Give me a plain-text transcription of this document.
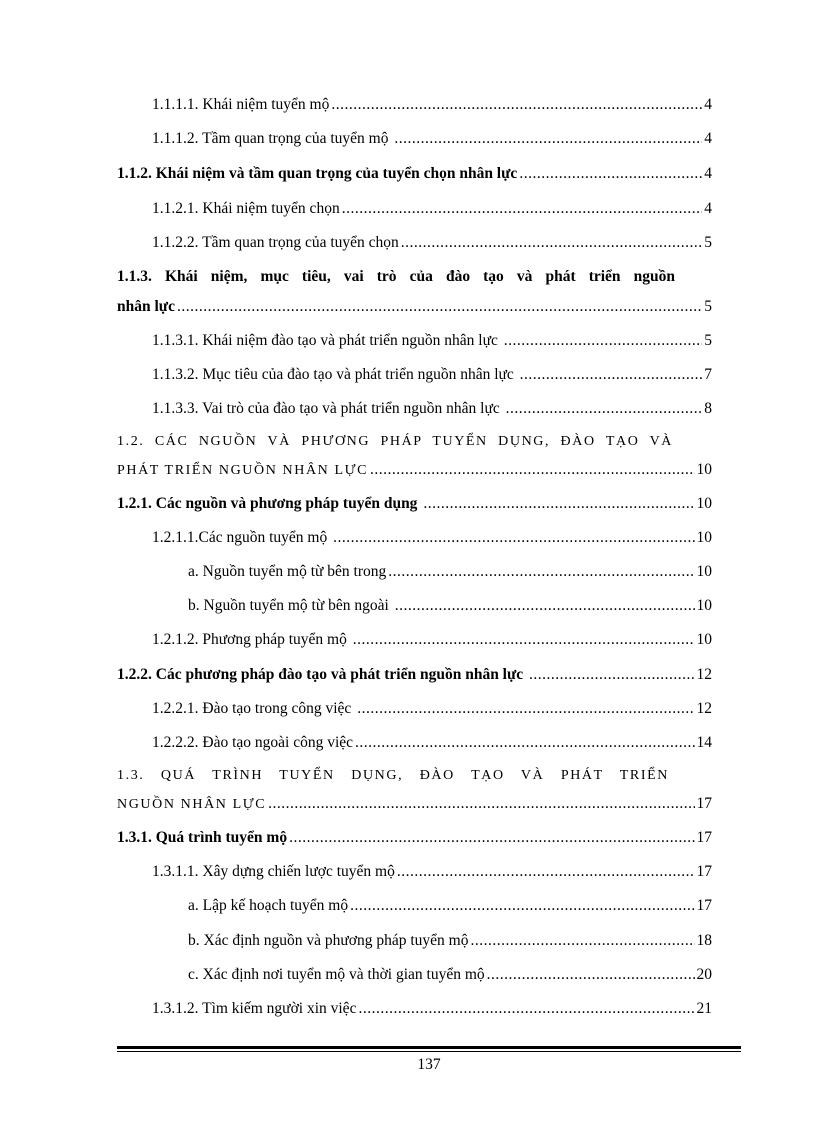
1.1.1.1. Khái niệm tuyển mộ .....	4
1.1.1.2. Tầm quan trọng của tuyển mộ .....	4
1.1.2. Khái niệm và tầm quan trọng của tuyển chọn nhân lực .....	4
1.1.2.1. Khái niệm tuyển chọn .....	4
1.1.2.2. Tầm quan trọng của tuyển chọn .....	5
1.1.3. Khái niệm, mục tiêu, vai trò của đào tạo và phát triển nguồn
nhân lực .....	5
1.1.3.1. Khái niệm đào tạo và phát triển nguồn nhân lực .....	5
1.1.3.2. Mục tiêu của đào tạo và phát triển nguồn nhân lực .....	7
1.1.3.3. Vai trò của đào tạo và phát triển nguồn nhân lực .....	8
1.2. CÁC NGUỒN VÀ PHƯƠNG PHÁP TUYỂN DỤNG, ĐÀO TẠO VÀ
PHÁT TRIỂN NGUỒN NHÂN LỰC .....	10
1.2.1. Các nguồn và phương pháp tuyển dụng .....	10
1.2.1.1.Các nguồn tuyển mộ .....	10
a. Nguồn tuyển mộ từ bên trong .....	10
b. Nguồn tuyển mộ từ bên ngoài .....	10
1.2.1.2. Phương pháp tuyển mộ .....	10
1.2.2. Các phương pháp đào tạo và phát triển nguồn nhân lực .....	12
1.2.2.1. Đào tạo trong công việc .....	12
1.2.2.2. Đào tạo ngoài công việc .....	14
1.3. QUÁ TRÌNH TUYỂN DỤNG, ĐÀO TẠO VÀ PHÁT TRIỂN
NGUỒN NHÂN LỰC .....	17
1.3.1. Quá trình tuyển mộ .....	17
1.3.1.1. Xây dựng chiến lược tuyển mộ .....	17
a. Lập kế hoạch tuyển mộ .....	17
b. Xác định nguồn và phương pháp tuyển mộ .....	18
c. Xác định nơi tuyển mộ và thời gian tuyển mộ .....	20
1.3.1.2. Tìm kiếm người xin việc .....	21
137
